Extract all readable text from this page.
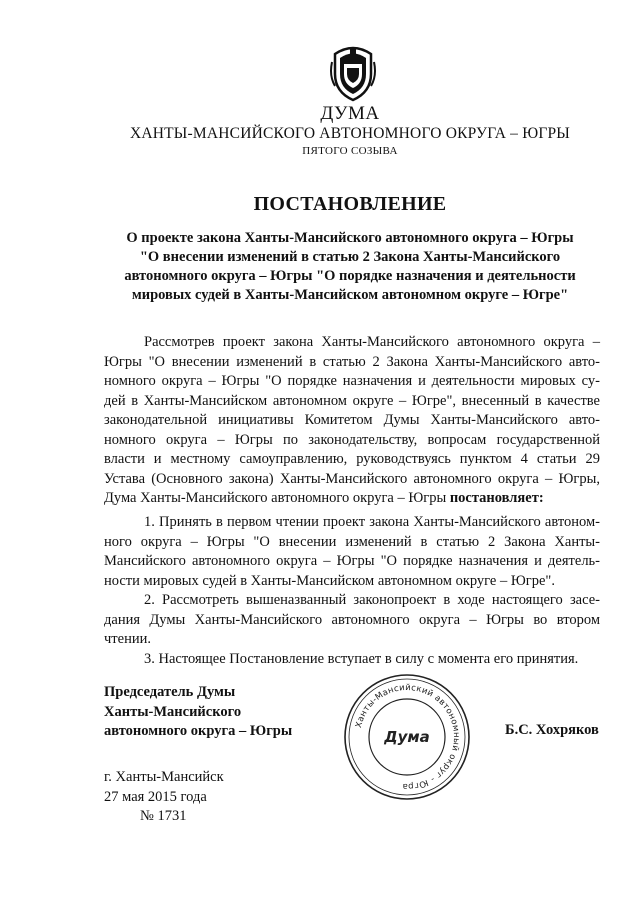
ДУМА
ХАНТЫ-МАНСИЙСКОГО АВТОНОМНОГО ОКРУГА – ЮГРЫ
ПЯТОГО СОЗЫВА
ПОСТАНОВЛЕНИЕ
О проекте закона Ханты-Мансийского автономного округа – Югры
"О внесении изменений в статью 2 Закона Ханты-Мансийского
автономного округа – Югры "О порядке назначения и деятельности
мировых судей в Ханты-Мансийском автономном округе – Югре"
Рассмотрев проект закона Ханты-Мансийского автономного округа –
Югры "О внесении изменений в статью 2 Закона Ханты-Мансийского авто-
номного округа – Югры "О порядке назначения и деятельности мировых су-
дей в Ханты-Мансийском автономном округе – Югре", внесенный в качестве
законодательной инициативы Комитетом Думы Ханты-Мансийского авто-
номного округа – Югры по законодательству, вопросам государственной
власти и местному самоуправлению, руководствуясь пунктом 4 статьи 29
Устава (Основного закона) Ханты-Мансийского автономного округа – Югры,
Дума Ханты-Мансийского автономного округа – Югры постановляет:
1. Принять в первом чтении проект закона Ханты-Мансийского автоном-
ного округа – Югры "О внесении изменений в статью 2 Закона Ханты-
Мансийского автономного округа – Югры "О порядке назначения и деятель-
ности мировых судей в Ханты-Мансийском автономном округе – Югре".
2. Рассмотреть вышеназванный законопроект в ходе настоящего засе-
дания Думы Ханты-Мансийского автономного округа – Югры во втором
чтении.
3. Настоящее Постановление вступает в силу с момента его принятия.
Председатель Думы
Ханты-Мансийского
автономного округа – Югры	Ханты-Мансийский автономный округ - Югра
Дума	Б.С. Хохряков
г. Ханты-Мансийск
27 мая 2015 года
№ 1731
